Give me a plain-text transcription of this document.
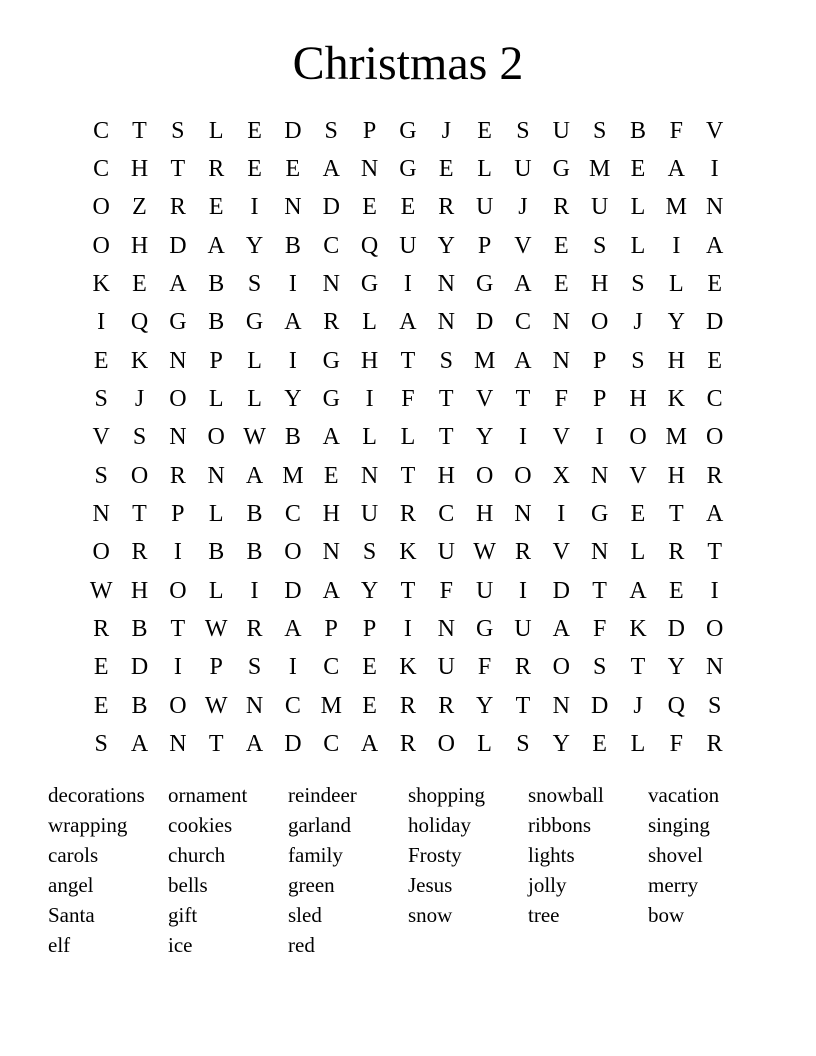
Christmas 2
C T	S	L E D S	P G	J	E	S U S B F V
C H T R E E A N G E L U G M E A	I
O Z R E	I	N D E E R U	J	R U L M N
O H D A Y B C Q U Y P V E	S	L	I	A
K E A B S	I	N G	I	N G A E H S	L E
I	Q G B G A R L A N D C N O	J	Y D
E K N P	L	I	G H T	S M A N P	S H E
S	J	O L L Y G	I	F	T V T	F	P H K C
V S N O W B A L L T Y	I	V	I	O M O
S O R N A M E N T H O O X N V H R
N T	P	L B C H U R C H N	I	G E T A
O R	I	B B O N S K U W R V N L R T
W H O L	I	D A Y T	F U	I	D T A E	I
R B T W R A P	P	I	N G U A F K D O
E D	I	P	S	I	C E K U F R O S	T Y N
E B O W N C M E R R Y T N D	J	Q S
S A N T A D C A R O L	S Y E L	F R
decorations	ornament	reindeer	shopping	snowball	vacation
wrapping	cookies	garland	holiday	ribbons	singing
carols	church	family	Frosty	lights	shovel
angel	bells	green	Jesus	jolly	merry
Santa	gift	sled	snow	tree	bow
elf	ice	red
